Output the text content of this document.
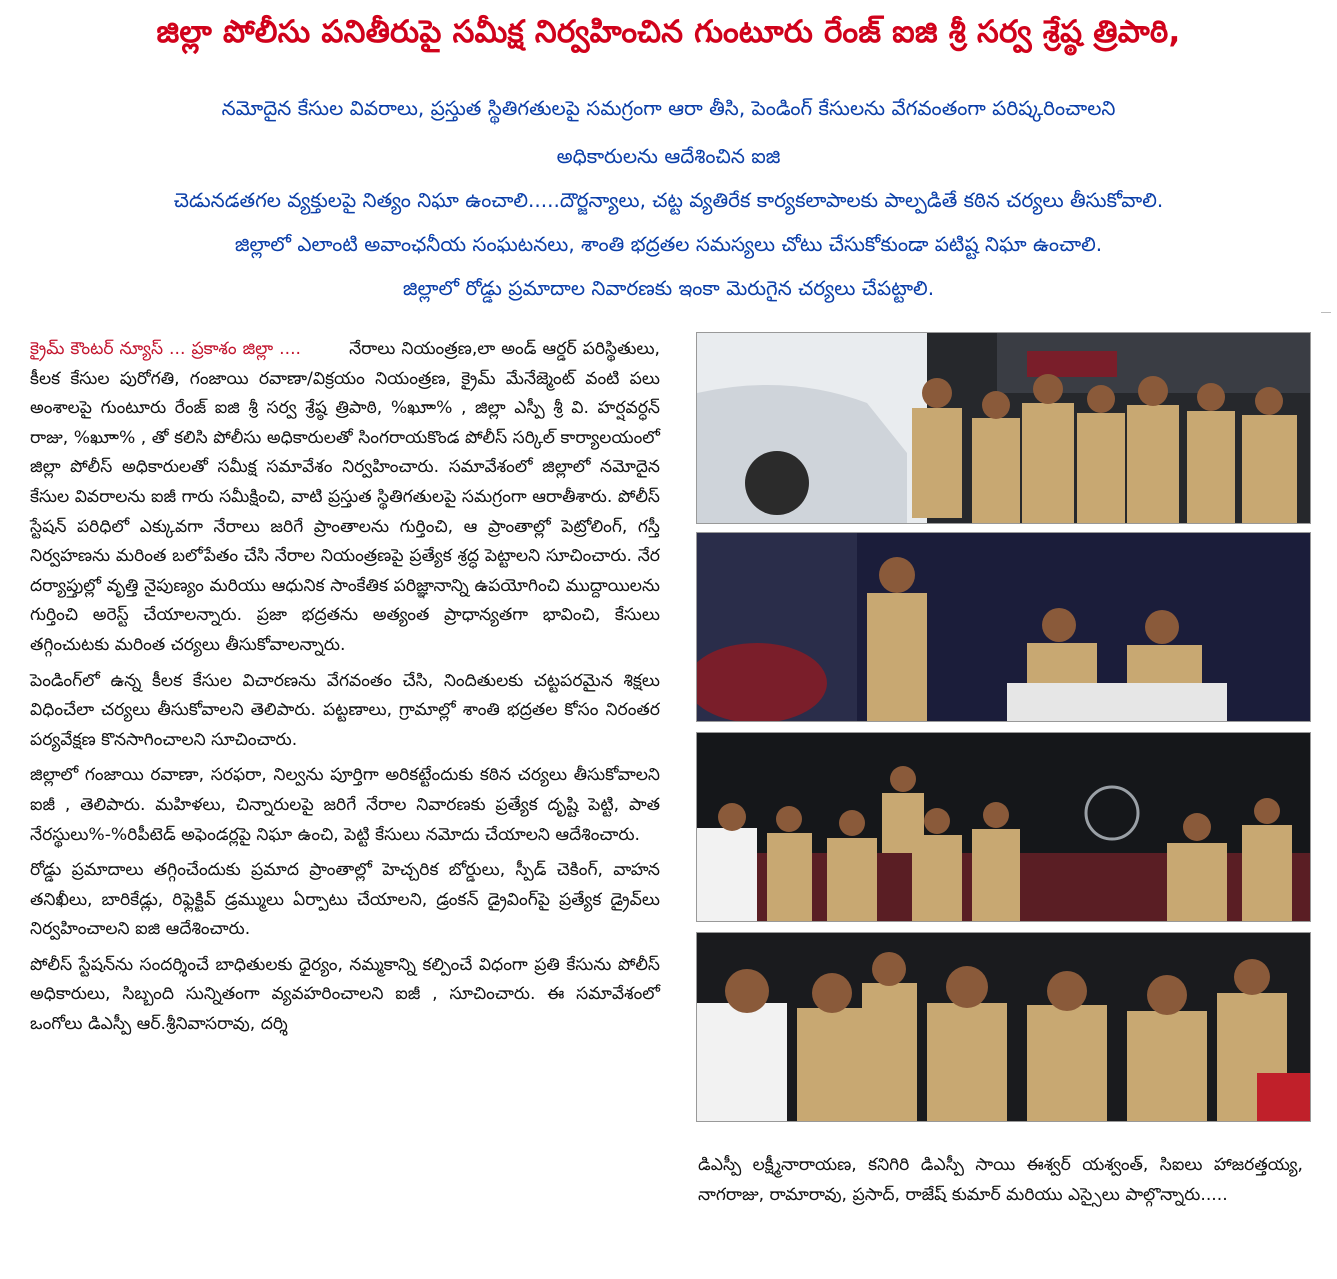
జిల్లా పోలీసు పనితీరుపై సమీక్ష నిర్వహించిన గుంటూరు రేంజ్ ఐజి శ్రీ సర్వ శ్రేష్ఠ త్రిపాఠి,
నమోదైన కేసుల వివరాలు, ప్రస్తుత స్థితిగతులపై సమగ్రంగా ఆరా తీసి, పెండింగ్ కేసులను వేగవంతంగా పరిష్కరించాలని
అధికారులను ఆదేశించిన ఐజి
చెడునడతగల వ్యక్తులపై నిత్యం నిఘా ఉంచాలి.....దౌర్జన్యాలు, చట్ట వ్యతిరేక కార్యకలాపాలకు పాల్పడితే కఠిన చర్యలు తీసుకోవాలి.
జిల్లాలో ఎలాంటి అవాంఛనీయ సంఘటనలు, శాంతి భద్రతల సమస్యలు చోటు చేసుకోకుండా పటిష్ట నిఘా ఉంచాలి.
జిల్లాలో రోడ్డు ప్రమాదాల నివారణకు ఇంకా మెరుగైన చర్యలు చేపట్టాలి.

క్రైమ్ కౌంటర్ న్యూస్ ... ప్రకాశం జిల్లా ....	నేరాలు నియంత్రణ,లా అండ్ ఆర్డర్ పరిస్థితులు, కీలక కేసుల పురోగతి, గంజాయి రవాణా/విక్రయం నియంత్రణ, క్రైమ్ మేనేజ్మెంట్ వంటి పలు అంశాలపై గుంటూరు రేంజ్ ఐజి శ్రీ సర్వ శ్రేష్ఠ త్రిపాఠి, %ఖూా% , జిల్లా ఎస్పీ శ్రీ వి. హర్షవర్ధన్ రాజు, %ఖూా% , తో కలిసి పోలీసు అధికారులతో సింగరాయకొండ పోలీస్ సర్కిల్ కార్యాలయంలో జిల్లా పోలీస్ అధికారులతో సమీక్ష సమావేశం నిర్వహించారు. సమావేశంలో జిల్లాలో నమోదైన కేసుల వివరాలను ఐజీ గారు సమీక్షించి, వాటి ప్రస్తుత స్థితిగతులపై సమగ్రంగా ఆరాతీశారు. పోలీస్ స్టేషన్ పరిధిలో ఎక్కువగా నేరాలు జరిగే ప్రాంతాలను గుర్తించి, ఆ ప్రాంతాల్లో పెట్రోలింగ్, గస్తీ నిర్వహణను మరింత బలోపేతం చేసి నేరాల నియంత్రణపై ప్రత్యేక శ్రద్ధ పెట్టాలని సూచించారు. నేర దర్యాప్తుల్లో వృత్తి నైపుణ్యం మరియు ఆధునిక సాంకేతిక పరిజ్ఞానాన్ని ఉపయోగించి ముద్దాయిలను గుర్తించి అరెస్ట్ చేయాలన్నారు. ప్రజా భద్రతను అత్యంత ప్రాధాన్యతగా భావించి, కేసులు తగ్గించుటకు మరింత చర్యలు తీసుకోవాలన్నారు.

పెండింగ్‌లో ఉన్న కీలక కేసుల విచారణను వేగవంతం చేసి, నిందితులకు చట్టపరమైన శిక్షలు విధించేలా చర్యలు తీసుకోవాలని తెలిపారు. పట్టణాలు, గ్రామాల్లో శాంతి భద్రతల కోసం నిరంతర పర్యవేక్షణ కొనసాగించాలని సూచించారు.

జిల్లాలో గంజాయి రవాణా, సరఫరా, నిల్వను పూర్తిగా అరికట్టేందుకు కఠిన చర్యలు తీసుకోవాలని ఐజీ , తెలిపారు. మహిళలు, చిన్నారులపై జరిగే నేరాల నివారణకు ప్రత్యేక దృష్టి పెట్టి, పాత నేరస్థులు%-%రిపీటెడ్ అఫెండర్లపై నిఘా ఉంచి, పెట్టి కేసులు నమోదు చేయాలని ఆదేశించారు.

రోడ్డు ప్రమాదాలు తగ్గించేందుకు ప్రమాద ప్రాంతాల్లో హెచ్చరిక బోర్డులు, స్పీడ్ చెకింగ్, వాహన తనిఖీలు, బారికేడ్లు, రిఫ్లెక్టివ్ డ్రమ్ములు ఏర్పాటు చేయాలని, డ్రంకన్ డ్రైవింగ్‌పై ప్రత్యేక డ్రైవ్‌లు నిర్వహించాలని ఐజి ఆదేశించారు.

పోలీస్ స్టేషన్‌ను సందర్శించే బాధితులకు ధైర్యం, నమ్మకాన్ని కల్పించే విధంగా ప్రతి కేసును పోలీస్ అధికారులు, సిబ్బంది సున్నితంగా వ్యవహరించాలని ఐజీ , సూచించారు. ఈ సమావేశంలో ఒంగోలు డిఎస్పీ ఆర్.శ్రీనివాసరావు, దర్శి

డిఎస్పీ లక్ష్మీనారాయణ, కనిగిరి డిఎస్పీ సాయి ఈశ్వర్ యశ్వంత్, సిఐలు హాజరత్తయ్య, నాగరాజు, రామారావు, ప్రసాద్, రాజేష్ కుమార్ మరియు ఎస్సైలు పాల్గొన్నారు.....
